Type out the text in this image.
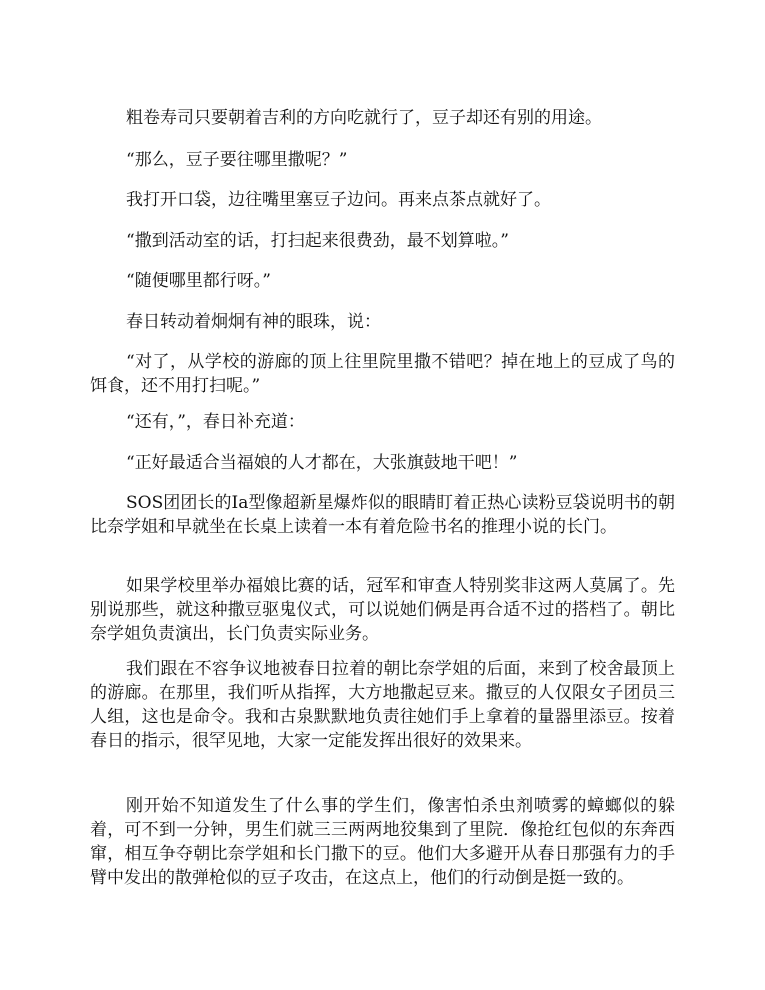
粗卷寿司只要朝着吉利的方向吃就行了，豆子却还有别的用途。

“那么，豆子要往哪里撒呢？”

我打开口袋，边往嘴里塞豆子边问。再来点茶点就好了。

“撒到活动室的话，打扫起来很费劲，最不划算啦。”

“随便哪里都行呀。”

春日转动着炯炯有神的眼珠，说：

“对了，从学校的游廊的顶上往里院里撒不错吧？掉在地上的豆成了鸟的饵食，还不用打扫呢。”

“还有，”，春日补充道：

“正好最适合当福娘的人才都在，大张旗鼓地干吧！”

SOS团团长的Ia型像超新星爆炸似的眼睛盯着正热心读粉豆袋说明书的朝比奈学姐和早就坐在长桌上读着一本有着危险书名的推理小说的长门。

如果学校里举办福娘比赛的话，冠军和审查人特别奖非这两人莫属了。先别说那些，就这种撒豆驱鬼仪式，可以说她们俩是再合适不过的搭档了。朝比奈学姐负责演出，长门负责实际业务。

我们跟在不容争议地被春日拉着的朝比奈学姐的后面，来到了校舍最顶上的游廊。在那里，我们听从指挥，大方地撒起豆来。撒豆的人仅限女子团员三人组，这也是命令。我和古泉默默地负责往她们手上拿着的量器里添豆。按着春日的指示，很罕见地，大家一定能发挥出很好的效果来。

刚开始不知道发生了什么事的学生们，像害怕杀虫剂喷雾的蟑螂似的躲着，可不到一分钟，男生们就三三两两地狡集到了里院．像抢红包似的东奔西窜，相互争夺朝比奈学姐和长门撒下的豆。他们大多避开从春日那强有力的手臂中发出的散弹枪似的豆子攻击，在这点上，他们的行动倒是挺一致的。
